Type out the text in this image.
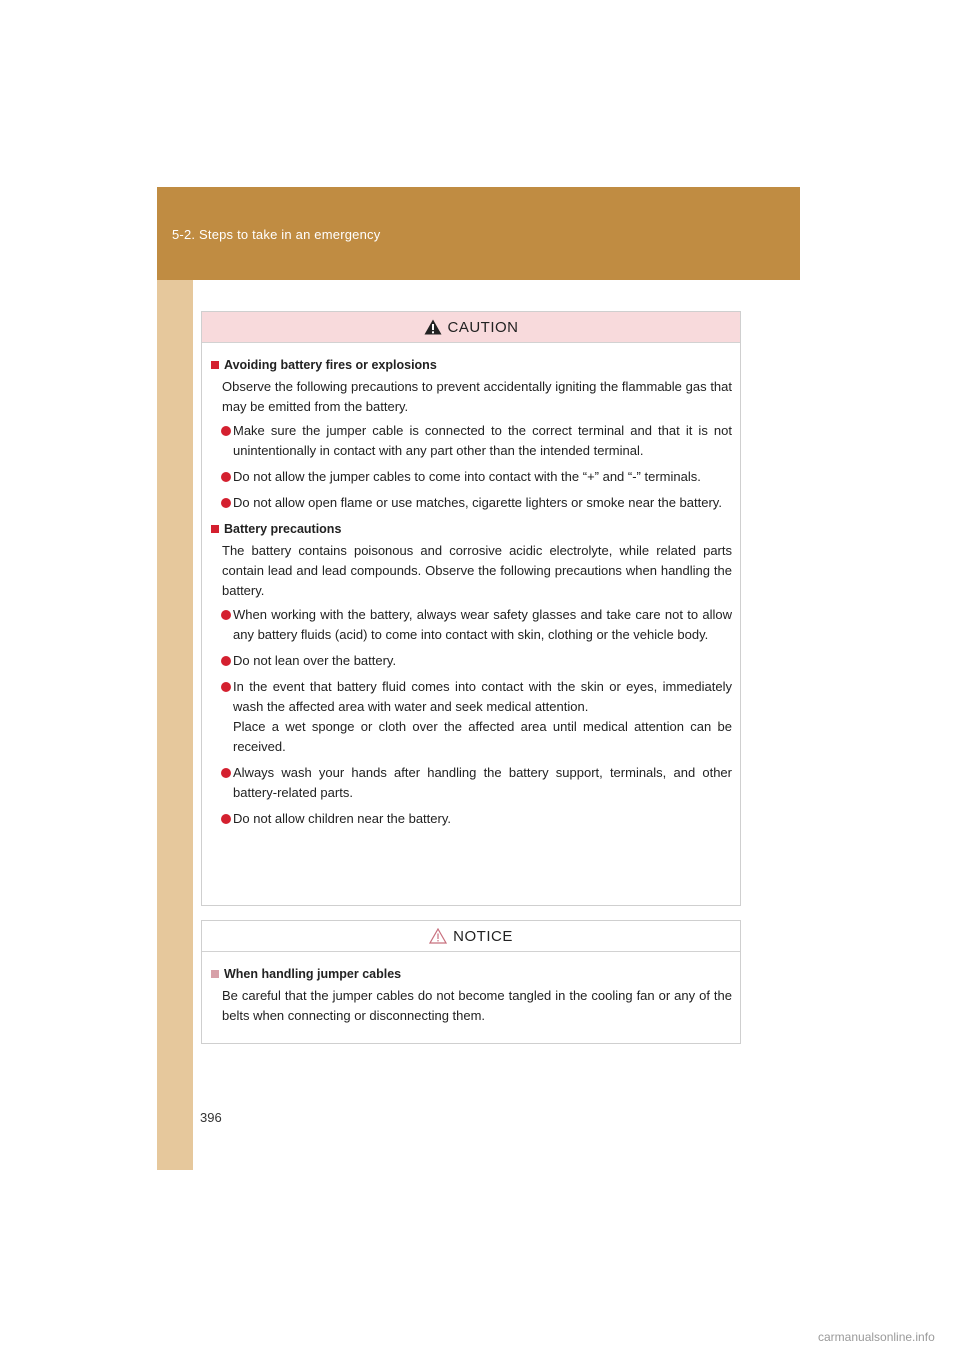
5-2. Steps to take in an emergency
CAUTION
Avoiding battery fires or explosions
Observe the following precautions to prevent accidentally igniting the flammable gas that may be emitted from the battery.
Make sure the jumper cable is connected to the correct terminal and that it is not unintentionally in contact with any part other than the intended terminal.
Do not allow the jumper cables to come into contact with the “+” and “-” terminals.
Do not allow open flame or use matches, cigarette lighters or smoke near the battery.
Battery precautions
The battery contains poisonous and corrosive acidic electrolyte, while related parts contain lead and lead compounds. Observe the following precautions when handling the battery.
When working with the battery, always wear safety glasses and take care not to allow any battery fluids (acid) to come into contact with skin, clothing or the vehicle body.
Do not lean over the battery.
In the event that battery fluid comes into contact with the skin or eyes, immediately wash the affected area with water and seek medical attention.
Place a wet sponge or cloth over the affected area until medical attention can be received.
Always wash your hands after handling the battery support, terminals, and other battery-related parts.
Do not allow children near the battery.
NOTICE
When handling jumper cables
Be careful that the jumper cables do not become tangled in the cooling fan or any of the belts when connecting or disconnecting them.
396
carmanualsonline.info
